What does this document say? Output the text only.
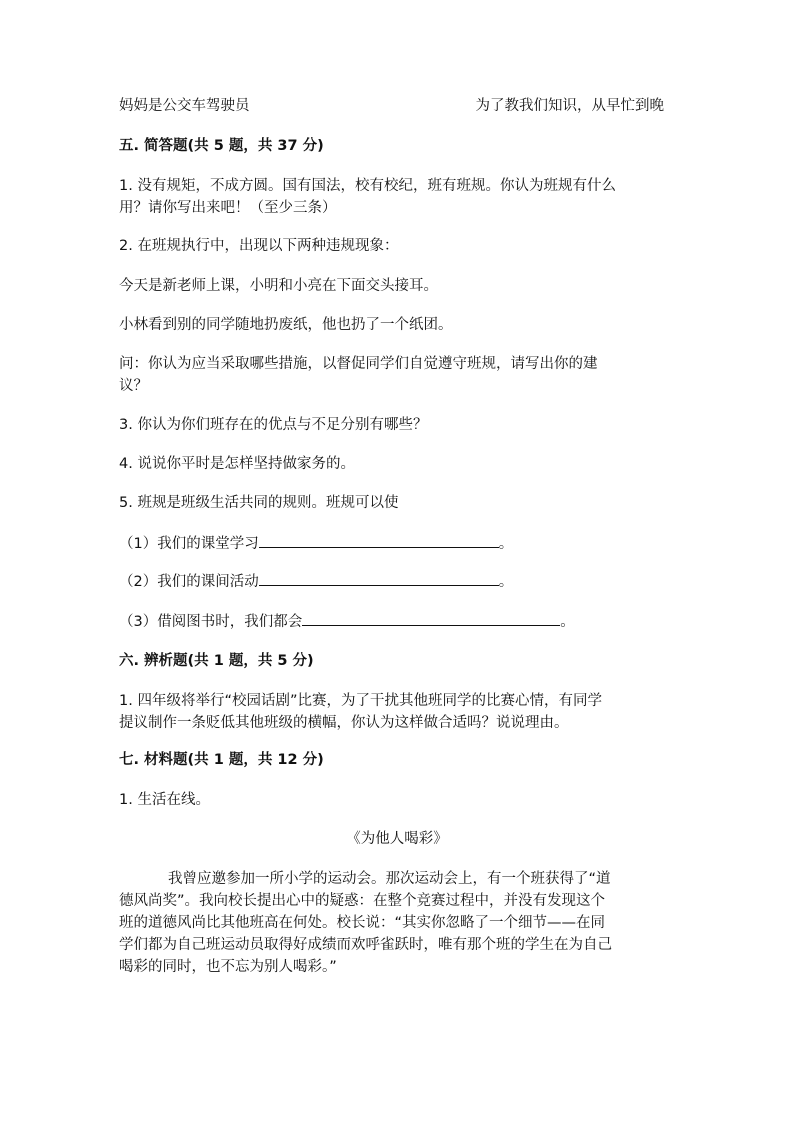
妈妈是公交车驾驶员	为了教我们知识，从早忙到晚
五. 简答题(共 5 题，共 37 分)
1. 没有规矩，不成方圆。国有国法，校有校纪，班有班规。你认为班规有什么
用？请你写出来吧！（至少三条）
2. 在班规执行中，出现以下两种违规现象：
今天是新老师上课，小明和小亮在下面交头接耳。
小林看到别的同学随地扔废纸，他也扔了一个纸团。
问：你认为应当采取哪些措施，以督促同学们自觉遵守班规，请写出你的建
议？
3. 你认为你们班存在的优点与不足分别有哪些？
4. 说说你平时是怎样坚持做家务的。
5. 班规是班级生活共同的规则。班规可以使
（1）我们的课堂学习	。
（2）我们的课间活动	。
（3）借阅图书时，我们都会	。
六. 辨析题(共 1 题，共 5 分)
1. 四年级将举行“校园话剧”比赛，为了干扰其他班同学的比赛心情，有同学
提议制作一条贬低其他班级的横幅，你认为这样做合适吗？说说理由。
七. 材料题(共 1 题，共 12 分)
1. 生活在线。
《为他人喝彩》
我曾应邀参加一所小学的运动会。那次运动会上，有一个班获得了“道
德风尚奖”。我向校长提出心中的疑惑：在整个竞赛过程中，并没有发现这个
班的道德风尚比其他班高在何处。校长说：“其实你忽略了一个细节——在同
学们都为自己班运动员取得好成绩而欢呼雀跃时，唯有那个班的学生在为自己
喝彩的同时，也不忘为别人喝彩。”
